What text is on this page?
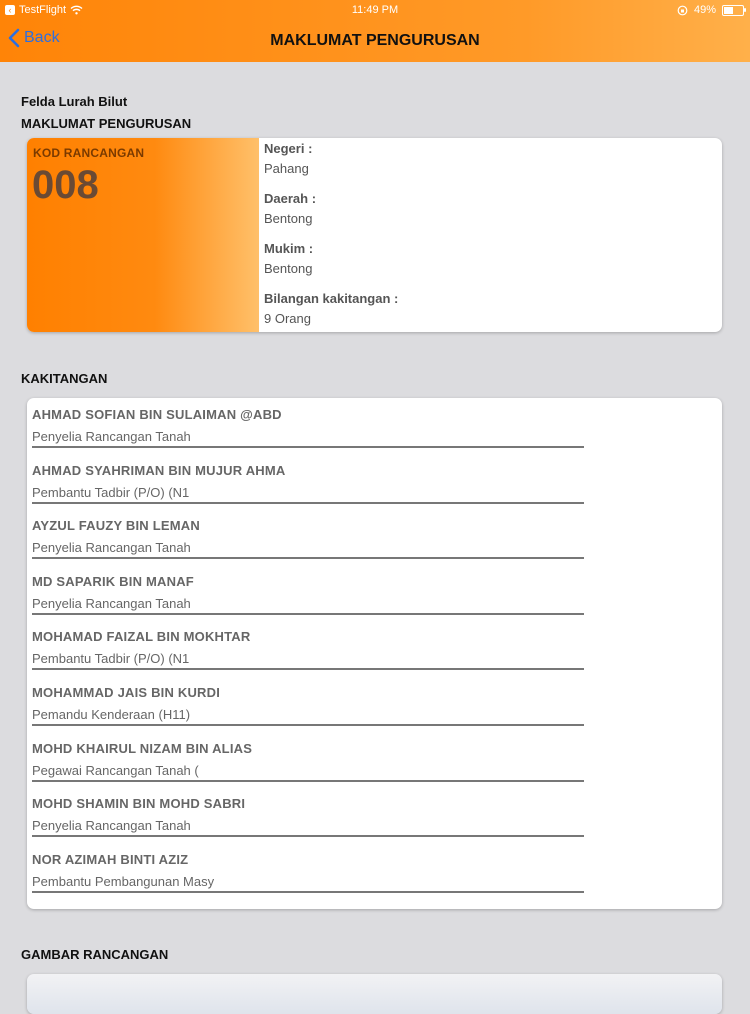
‹ TestFlight	11:49 PM	49%
Back	MAKLUMAT PENGURUSAN
Felda Lurah Bilut
MAKLUMAT PENGURUSAN
KOD RANCANGAN
008
Negeri :
Pahang
Daerah :
Bentong
Mukim :
Bentong
Bilangan kakitangan :
9 Orang
KAKITANGAN
AHMAD SOFIAN BIN SULAIMAN @ABD
Penyelia Rancangan Tanah
AHMAD SYAHRIMAN BIN MUJUR AHMA
Pembantu Tadbir (P/O) (N1
AYZUL FAUZY BIN LEMAN
Penyelia Rancangan Tanah
MD SAPARIK BIN MANAF
Penyelia Rancangan Tanah
MOHAMAD FAIZAL BIN MOKHTAR
Pembantu Tadbir (P/O) (N1
MOHAMMAD JAIS BIN KURDI
Pemandu Kenderaan (H11)
MOHD KHAIRUL NIZAM BIN ALIAS
Pegawai Rancangan Tanah (
MOHD SHAMIN BIN MOHD SABRI
Penyelia Rancangan Tanah
NOR AZIMAH BINTI AZIZ
Pembantu Pembangunan Masy
GAMBAR RANCANGAN
